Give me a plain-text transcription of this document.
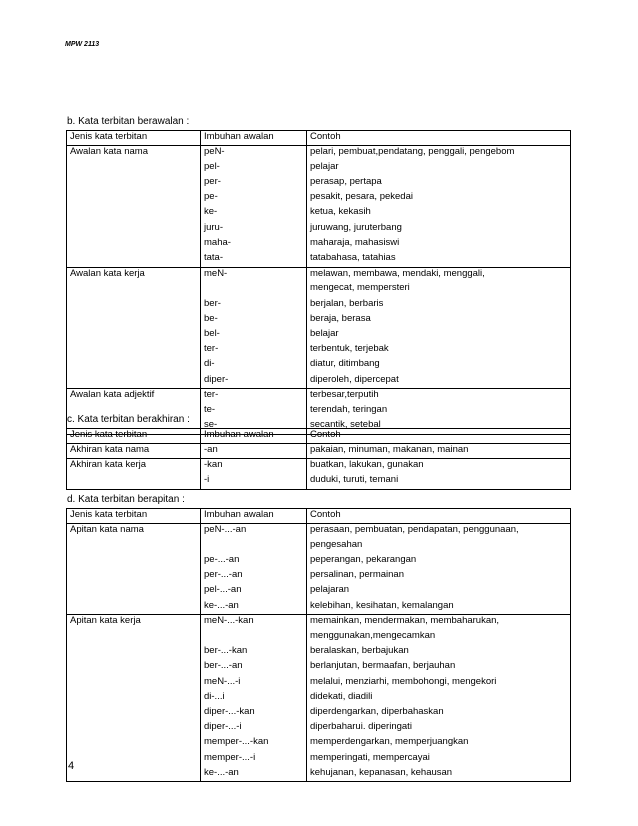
MPW 2113
b. Kata terbitan berawalan :
Jenis kata terbitan	Imbuhan awalan	Contoh
Awalan kata nama	peN-	pelari, pembuat,pendatang, penggali, pengebom
	pel-	pelajar
	per-	perasap, pertapa
	pe-	pesakit, pesara, pekedai
	ke-	ketua, kekasih
	juru-	juruwang, juruterbang
	maha-	maharaja, mahasiswi
	tata-	tatabahasa, tatahias
Awalan kata kerja	meN-	melawan, membawa, mendaki, menggali,
		mengecat, mempersteri
	ber-	berjalan, berbaris
	be-	beraja, berasa
	bel-	belajar
	ter-	terbentuk, terjebak
	di-	diatur, ditimbang
	diper-	diperoleh, dipercepat
Awalan kata adjektif	ter-	terbesar,terputih
	te-	terendah, teringan
	se-	secantik, setebal
c. Kata terbitan berakhiran :
Jenis kata terbitan	Imbuhan awalan	Contoh
Akhiran kata nama	-an	pakaian, minuman, makanan, mainan
Akhiran kata kerja	-kan	buatkan, lakukan, gunakan
	-i	duduki, turuti, temani
d. Kata terbitan berapitan :
Jenis kata terbitan	Imbuhan awalan	Contoh
Apitan kata nama	peN-...-an	perasaan, pembuatan, pendapatan, penggunaan,
		pengesahan
	pe-...-an	peperangan, pekarangan
	per-...-an	persalinan, permainan
	pel-...-an	pelajaran
	ke-...-an	kelebihan, kesihatan, kemalangan
Apitan kata kerja	meN-...-kan	memainkan, mendermakan, membaharukan,
		menggunakan,mengecamkan
	ber-...-kan	beralaskan, berbajukan
	ber-...-an	berlanjutan, bermaafan, berjauhan
	meN-...-i	melalui, menziarhi, membohongi, mengekori
	di-...i	didekati, diadili
	diper-...-kan	diperdengarkan, diperbahaskan
	diper-...-i	diperbaharui. diperingati
	memper-...-kan	memperdengarkan, memperjuangkan
	memper-...-i	memperingati, mempercayai
	ke-...-an	kehujanan, kepanasan, kehausan
4
